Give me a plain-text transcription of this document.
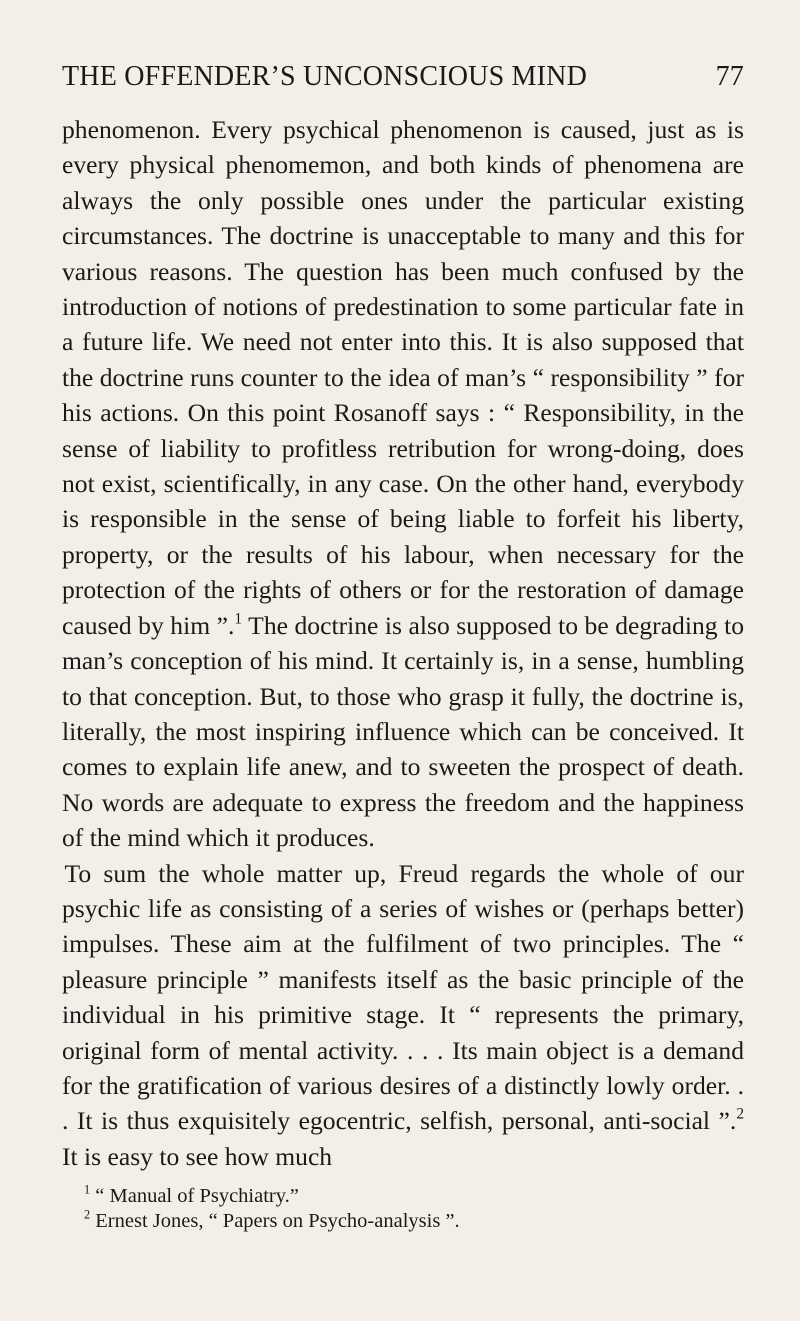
THE OFFENDER’S UNCONSCIOUS MIND	77

phenomenon. Every psychical phenomenon is caused, just as is every physical phenomemon, and both kinds of phenomena are always the only possible ones under the particular existing circumstances. The doctrine is unacceptable to many and this for various reasons. The question has been much confused by the introduction of notions of predestination to some particular fate in a future life. We need not enter into this. It is also supposed that the doctrine runs counter to the idea of man’s “ responsibility ” for his actions. On this point Rosanoff says : “ Responsibility, in the sense of liability to profitless retribution for wrong-doing, does not exist, scientifically, in any case. On the other hand, everybody is responsible in the sense of being liable to forfeit his liberty, property, or the results of his labour, when necessary for the protection of the rights of others or for the restoration of damage caused by him ”.$^1$ The doctrine is also supposed to be degrading to man’s conception of his mind. It certainly is, in a sense, humbling to that conception. But, to those who grasp it fully, the doctrine is, literally, the most inspiring influence which can be conceived. It comes to explain life anew, and to sweeten the prospect of death. No words are adequate to express the freedom and the happiness of the mind which it produces.

To sum the whole matter up, Freud regards the whole of our psychic life as consisting of a series of wishes or (perhaps better) impulses. These aim at the fulfilment of two principles. The “ pleasure principle ” manifests itself as the basic principle of the individual in his primitive stage. It “ represents the primary, original form of mental activity. . . . Its main object is a demand for the gratification of various desires of a distinctly lowly order. . . It is thus exquisitely egocentric, selfish, personal, anti-social ”.$^2$ It is easy to see how much

$^1$ “ Manual of Psychiatry.”
$^2$ Ernest Jones, “ Papers on Psycho-analysis ”.
